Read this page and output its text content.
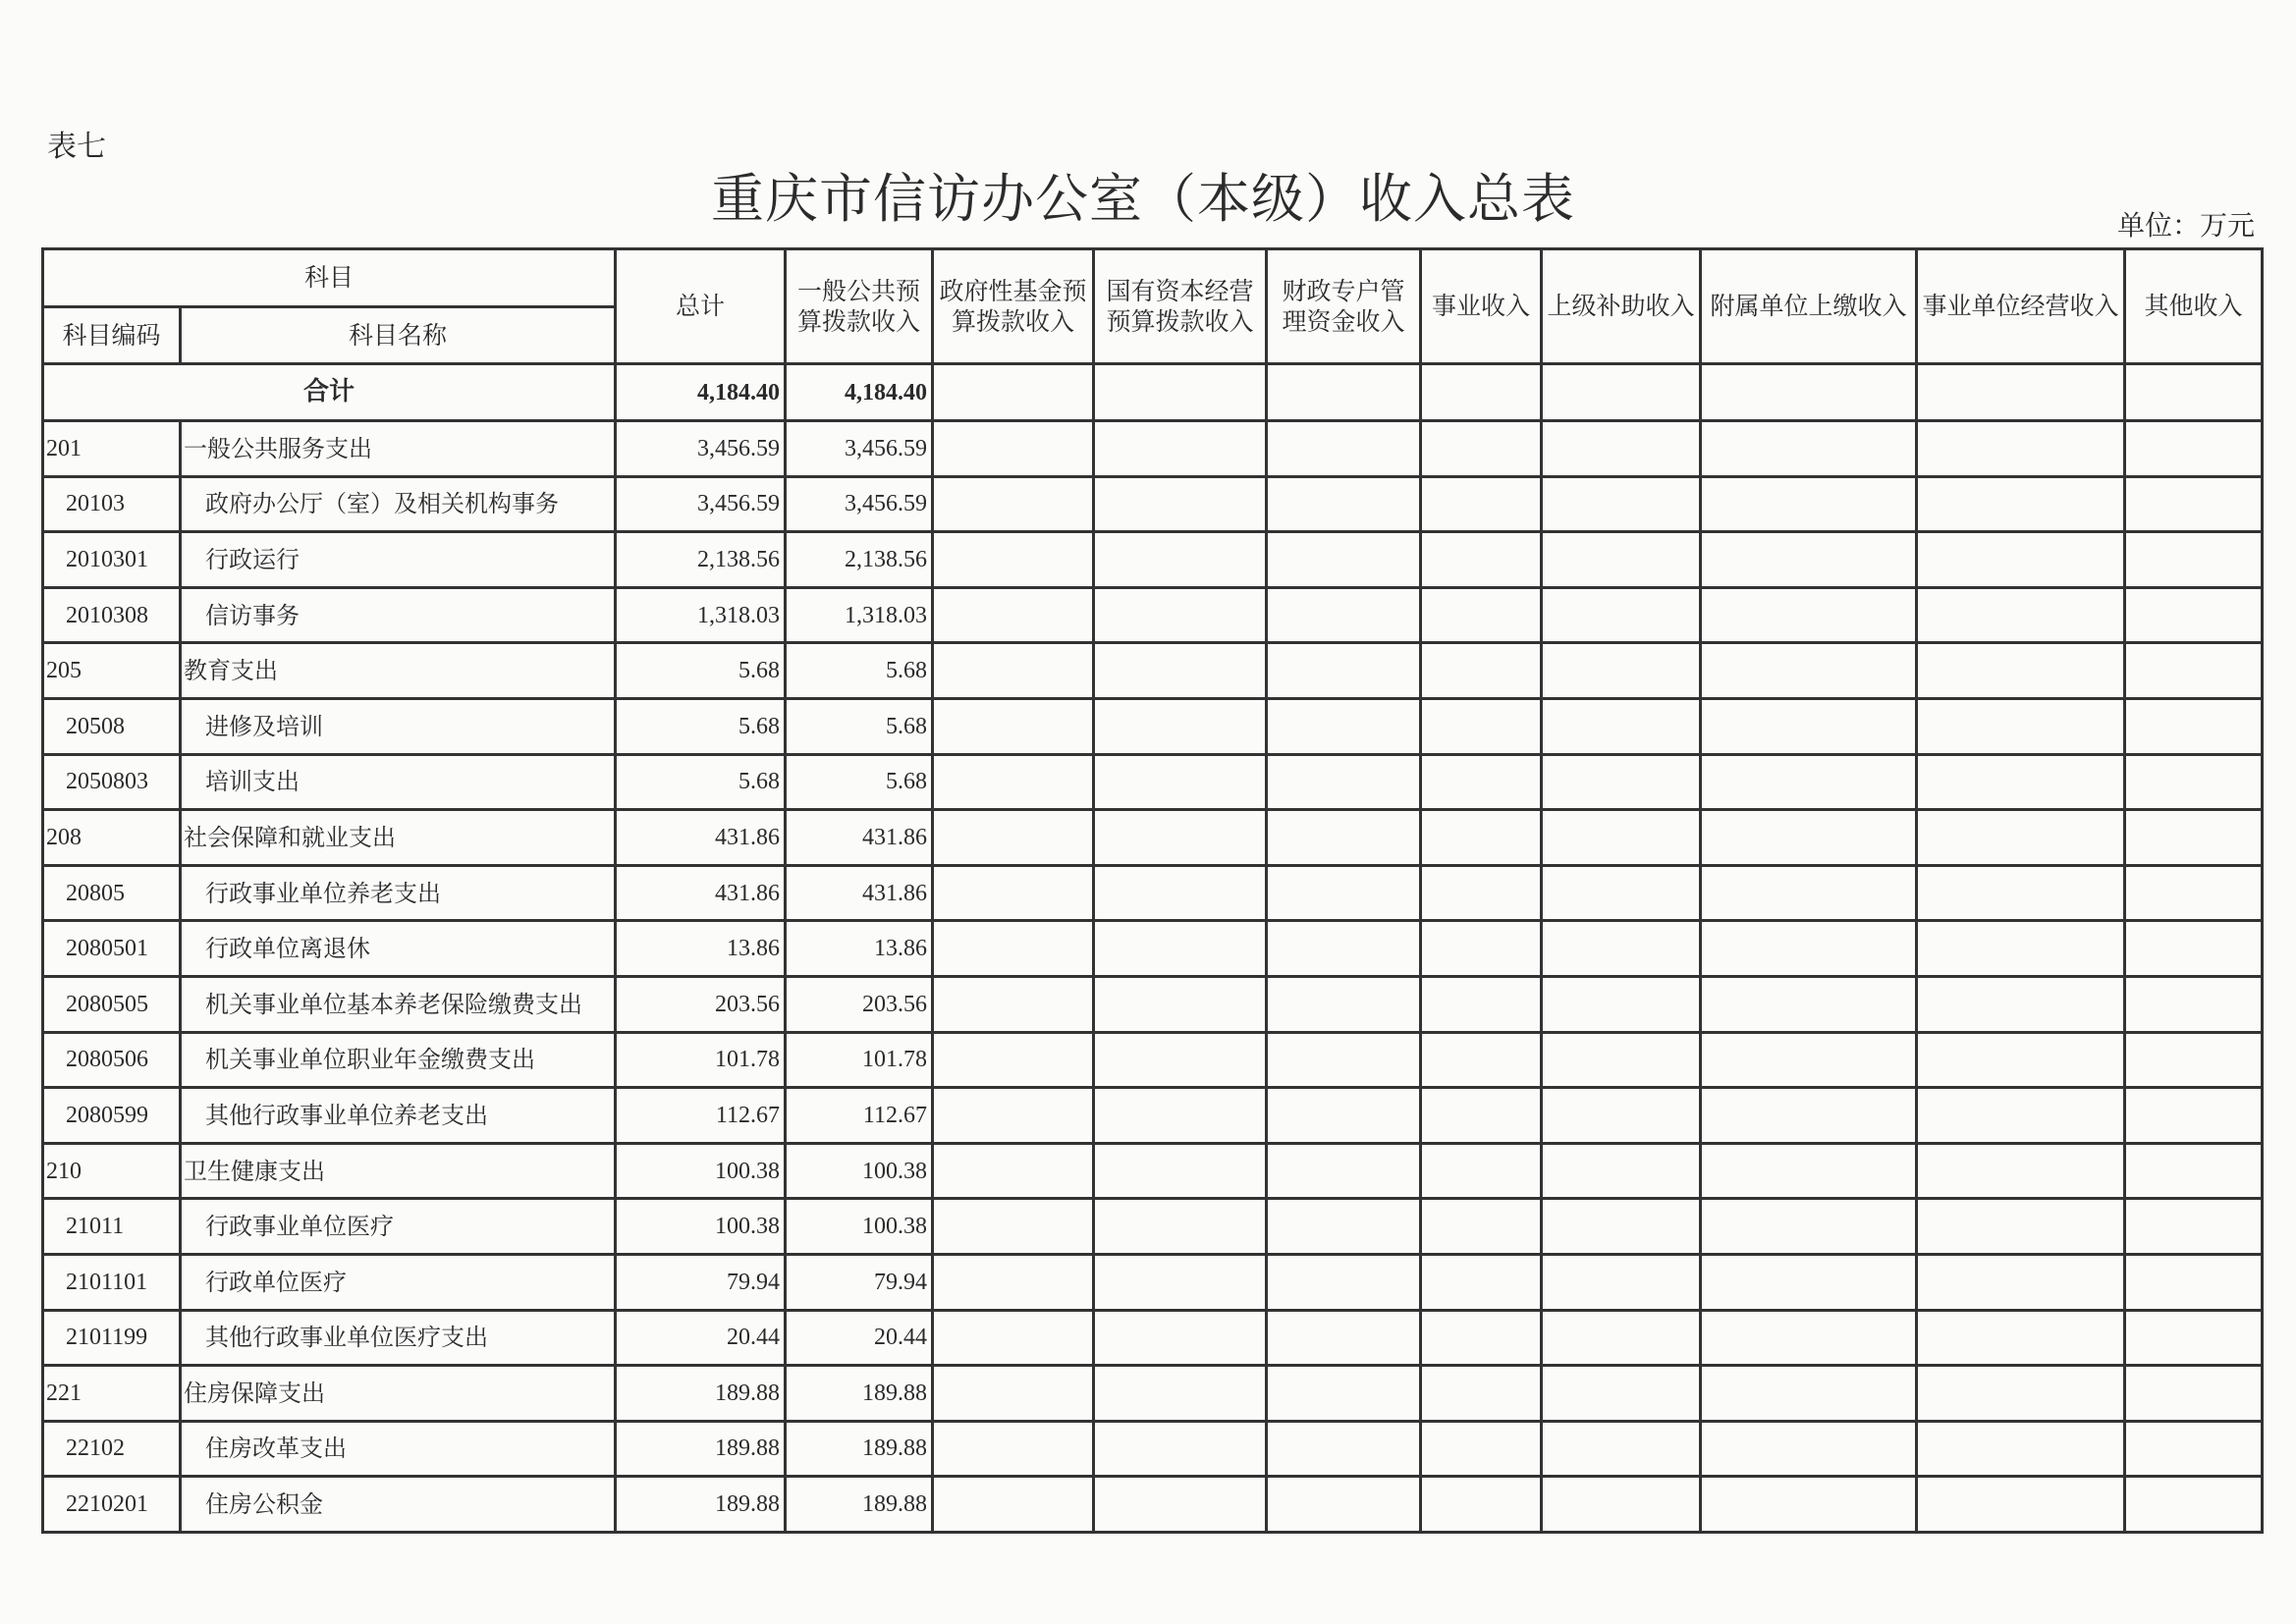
表七
重庆市信访办公室（本级）收入总表	单位：万元
科目		总计	一般公共预算拨款收入	政府性基金预算拨款收入	国有资本经营预算拨款收入	财政专户管理资金收入	事业收入	上级补助收入	附属单位上缴收入	事业单位经营收入	其他收入
科目编码	科目名称										
合计		4,184.40	4,184.40								
201	一般公共服务支出	3,456.59	3,456.59								
20103	政府办公厅（室）及相关机构事务	3,456.59	3,456.59								
2010301	行政运行	2,138.56	2,138.56								
2010308	信访事务	1,318.03	1,318.03								
205	教育支出	5.68	5.68								
20508	进修及培训	5.68	5.68								
2050803	培训支出	5.68	5.68								
208	社会保障和就业支出	431.86	431.86								
20805	行政事业单位养老支出	431.86	431.86								
2080501	行政单位离退休	13.86	13.86								
2080505	机关事业单位基本养老保险缴费支出	203.56	203.56								
2080506	机关事业单位职业年金缴费支出	101.78	101.78								
2080599	其他行政事业单位养老支出	112.67	112.67								
210	卫生健康支出	100.38	100.38								
21011	行政事业单位医疗	100.38	100.38								
2101101	行政单位医疗	79.94	79.94								
2101199	其他行政事业单位医疗支出	20.44	20.44								
221	住房保障支出	189.88	189.88								
22102	住房改革支出	189.88	189.88								
2210201	住房公积金	189.88	189.88								
